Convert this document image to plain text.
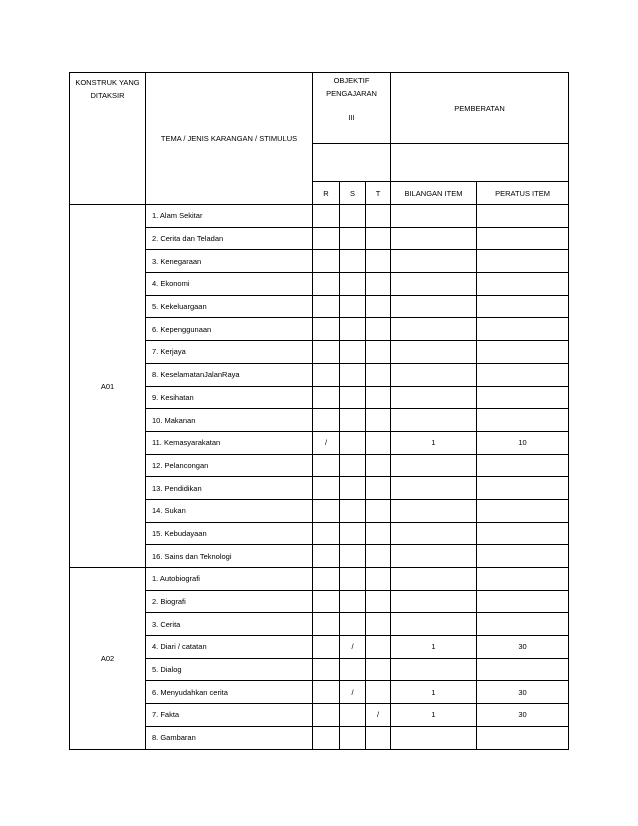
KONSTRUK YANG DITAKSIR	TEMA / JENIS KARANGAN / STIMULUS	OBJEKTIF
PENGAJARAN
III			PEMBERATAN	

		R	S	T	BILANGAN ITEM	PERATUS ITEM
A01	1. Alam Sekitar					
	2. Cerita dan Teladan					
	3. Kenegaraan					
	4. Ekonomi					
	5. Kekeluargaan					
	6. Kepenggunaan					
	7. Kerjaya					
	8. KeselamatanJalanRaya					
	9. Kesihatan					
	10. Makanan					
	11. Kemasyarakatan	/			1	10
	12. Pelancongan					
	13. Pendidikan					
	14. Sukan					
	15. Kebudayaan					
	16. Sains dan Teknologi					
A02	1. Autobiografi					
	2. Biografi					
	3. Cerita					
	4. Diari / catatan		/		1	30
	5. Dialog					
	6. Menyudahkan cerita		/		1	30
	7. Fakta			/	1	30
	8. Gambaran					
